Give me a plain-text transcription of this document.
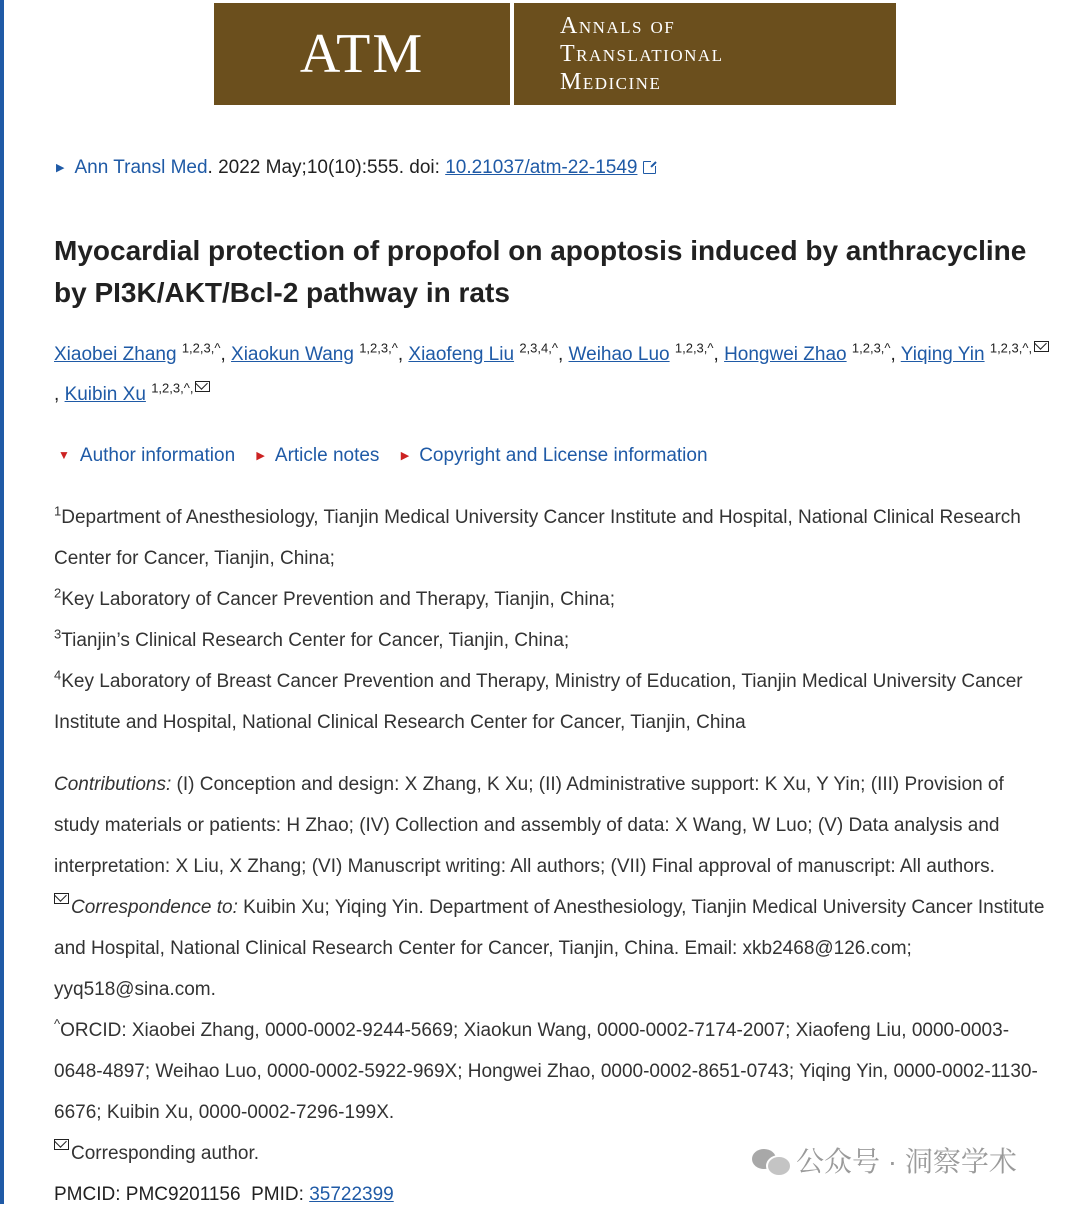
ATM	Annals of
Translational
Medicine
▶ Ann Transl Med. 2022 May;10(10):555. doi: 10.21037/atm-22-1549
Myocardial protection of propofol on apoptosis induced by anthracycline by PI3K/AKT/Bcl-2 pathway in rats
Xiaobei Zhang $^{1,2,3,\^{}}$, Xiaokun Wang $^{1,2,3,\^{}}$, Xiaofeng Liu $^{2,3,4,\^{}}$, Weihao Luo $^{1,2,3,\^{}}$, Hongwei Zhao $^{1,2,3,\^{}}$, Yiqing Yin $^{1,2,3,\^{},}$, Kuibin Xu $^{1,2,3,\^{},}$
▼ Author information ▶ Article notes ▶ Copyright and License information

$^1$Department of Anesthesiology, Tianjin Medical University Cancer Institute and Hospital, National Clinical Research Center for Cancer, Tianjin, China;

$^2$Key Laboratory of Cancer Prevention and Therapy, Tianjin, China;

$^3$Tianjin’s Clinical Research Center for Cancer, Tianjin, China;

$^4$Key Laboratory of Breast Cancer Prevention and Therapy, Ministry of Education, Tianjin Medical University Cancer Institute and Hospital, National Clinical Research Center for Cancer, Tianjin, China

Contributions: (I) Conception and design: X Zhang, K Xu; (II) Administrative support: K Xu, Y Yin; (III) Provision of study materials or patients: H Zhao; (IV) Collection and assembly of data: X Wang, W Luo; (V) Data analysis and interpretation: X Liu, X Zhang; (VI) Manuscript writing: All authors; (VII) Final approval of manuscript: All authors.

Correspondence to: Kuibin Xu; Yiqing Yin. Department of Anesthesiology, Tianjin Medical University Cancer Institute and Hospital, National Clinical Research Center for Cancer, Tianjin, China. Email: xkb2468@126.com; yyq518@sina.com.

^ORCID: Xiaobei Zhang, 0000-0002-9244-5669; Xiaokun Wang, 0000-0002-7174-2007; Xiaofeng Liu, 0000-0003-0648-4897; Weihao Luo, 0000-0002-5922-969X; Hongwei Zhao, 0000-0002-8651-0743; Yiqing Yin, 0000-0002-1130-6676; Kuibin Xu, 0000-0002-7296-199X.

Corresponding author.

PMCID: PMC9201156  PMID: 35722399

公众号 · 洞察学术
